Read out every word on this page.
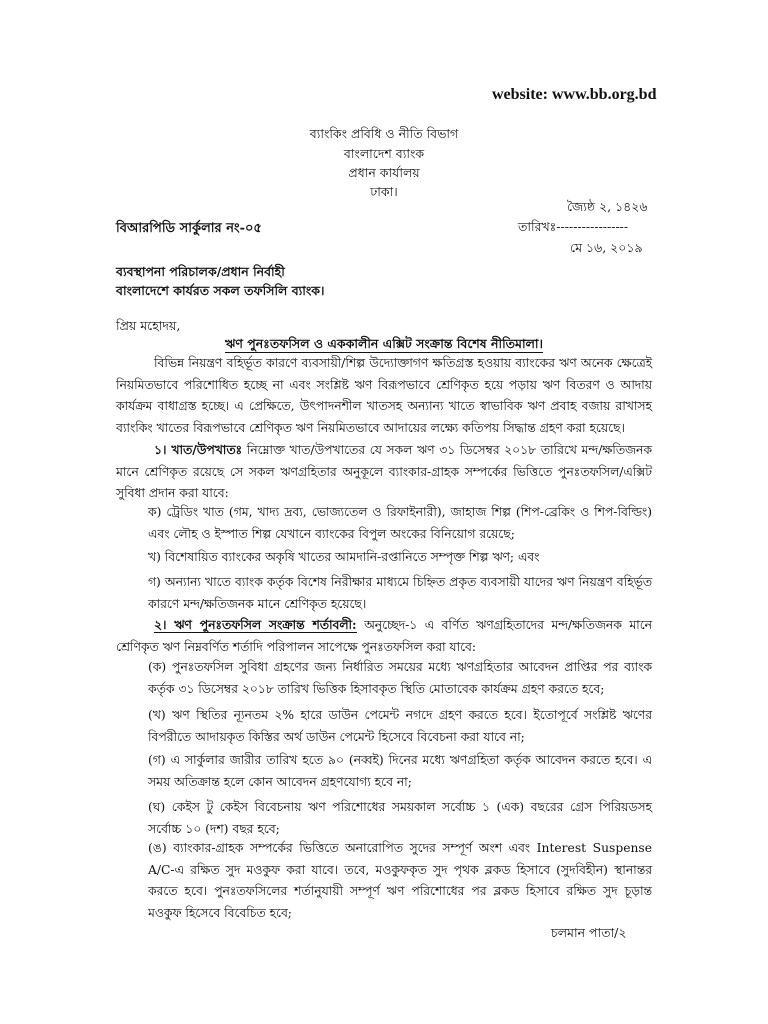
website: www.bb.org.bd
ব্যাংকিং প্রবিধি ও নীতি বিভাগ
বাংলাদেশ ব্যাংক
প্রধান কার্যালয়
ঢাকা।
জ্যৈষ্ঠ ২, ১৪২৬
বিআরপিডি সার্কুলার নং-০৫	তারিখঃ-----------------
মে ১৬, ২০১৯
ব্যবস্থাপনা পরিচালক/প্রধান নির্বাহী
বাংলাদেশে কার্যরত সকল তফসিলি ব্যাংক।
প্রিয় মহোদয়,
ঋণ পুনঃতফসিল ও এককালীন এক্সিট সংক্রান্ত বিশেষ নীতিমালা।
বিভিন্ন নিয়ন্ত্রণ বহির্ভূত কারণে ব্যবসায়ী/শিল্প উদ্যোক্তাগণ ক্ষতিগ্রস্ত হওয়ায় ব্যাংকের ঋণ অনেক ক্ষেত্রেই নিয়মিতভাবে পরিশোধিত হচ্ছে না এবং সংশ্লিষ্ট ঋণ বিরূপভাবে শ্রেণিকৃত হয়ে পড়ায় ঋণ বিতরণ ও আদায় কার্যক্রম বাধাগ্রস্ত হচ্ছে। এ প্রেক্ষিতে, উৎপাদনশীল খাতসহ অন্যান্য খাতে স্বাভাবিক ঋণ প্রবাহ বজায় রাখাসহ ব্যাংকিং খাতের বিরূপভাবে শ্রেণিকৃত ঋণ নিয়মিতভাবে আদায়ের লক্ষ্যে কতিপয় সিদ্ধান্ত গ্রহণ করা হয়েছে।
১। খাত/উপখাতঃ নিম্নোক্ত খাত/উপখাতের যে সকল ঋণ ৩১ ডিসেম্বর ২০১৮ তারিখে মন্দ/ক্ষতিজনক মানে শ্রেণিকৃত রয়েছে সে সকল ঋণগ্রহিতার অনুকূলে ব্যাংকার-গ্রাহক সম্পর্কের ভিত্তিতে পুনঃতফসিল/এক্সিট সুবিধা প্রদান করা যাবে:
ক) ট্রেডিং খাত (গম, খাদ্য দ্রব্য, ভোজ্যতেল ও রিফাইনারী), জাহাজ শিল্প (শিপ-ব্রেকিং ও শিপ-বিল্ডিং) এবং লৌহ ও ইস্পাত শিল্প যেখানে ব্যাংকের বিপুল অংকের বিনিয়োগ রয়েছে;
খ) বিশেষায়িত ব্যাংকের অকৃষি খাতের আমদানি-রপ্তানিতে সম্পৃক্ত শিল্প ঋণ; এবং
গ) অন্যান্য খাতে ব্যাংক কর্তৃক বিশেষ নিরীক্ষার মাধ্যমে চিহ্নিত প্রকৃত ব্যবসায়ী যাদের ঋণ নিয়ন্ত্রণ বহির্ভূত কারণে মন্দ/ক্ষতিজনক মানে শ্রেণিকৃত হয়েছে।
২। ঋণ পুনঃতফসিল সংক্রান্ত শর্তাবলী: অনুচ্ছেদ-১ এ বর্ণিত ঋণগ্রহিতাদের মন্দ/ক্ষতিজনক মানে শ্রেণিকৃত ঋণ নিম্নবর্ণিত শর্তাদি পরিপালন সাপেক্ষে পুনঃতফসিল করা যাবে:
(ক) পুনঃতফসিল সুবিধা গ্রহণের জন্য নির্ধারিত সময়ের মধ্যে ঋণগ্রহিতার আবেদন প্রাপ্তির পর ব্যাংক কর্তৃক ৩১ ডিসেম্বর ২০১৮ তারিখ ভিত্তিক হিসাবকৃত স্থিতি মোতাবেক কার্যক্রম গ্রহণ করতে হবে;
(খ) ঋণ স্থিতির ন্যূনতম ২% হারে ডাউন পেমেন্ট নগদে গ্রহণ করতে হবে। ইতোপূর্বে সংশ্লিষ্ট ঋণের বিপরীতে আদায়কৃত কিস্তির অর্থ ডাউন পেমেন্ট হিসেবে বিবেচনা করা যাবে না;
(গ) এ সার্কুলার জারীর তারিখ হতে ৯০ (নব্বই) দিনের মধ্যে ঋণগ্রহিতা কর্তৃক আবেদন করতে হবে। এ সময় অতিক্রান্ত হলে কোন আবেদন গ্রহণযোগ্য হবে না;
(ঘ) কেইস টু কেইস বিবেচনায় ঋণ পরিশোধের সময়কাল সর্বোচ্চ ১ (এক) বছরের গ্রেস পিরিয়ডসহ সর্বোচ্চ ১০ (দশ) বছর হবে;
(ঙ) ব্যাংকার-গ্রাহক সম্পর্কের ভিত্তিতে অনারোপিত সুদের সম্পূর্ণ অংশ এবং Interest Suspense A/C-এ রক্ষিত সুদ মওকুফ করা যাবে। তবে, মওকুফকৃত সুদ পৃথক ব্লকড হিসাবে (সুদবিহীন) স্থানান্তর করতে হবে। পুনঃতফসিলের শর্তানুযায়ী সম্পূর্ণ ঋণ পরিশোধের পর ব্লকড হিসাবে রক্ষিত সুদ চূড়ান্ত মওকুফ হিসেবে বিবেচিত হবে;
চলমান পাতা/২
